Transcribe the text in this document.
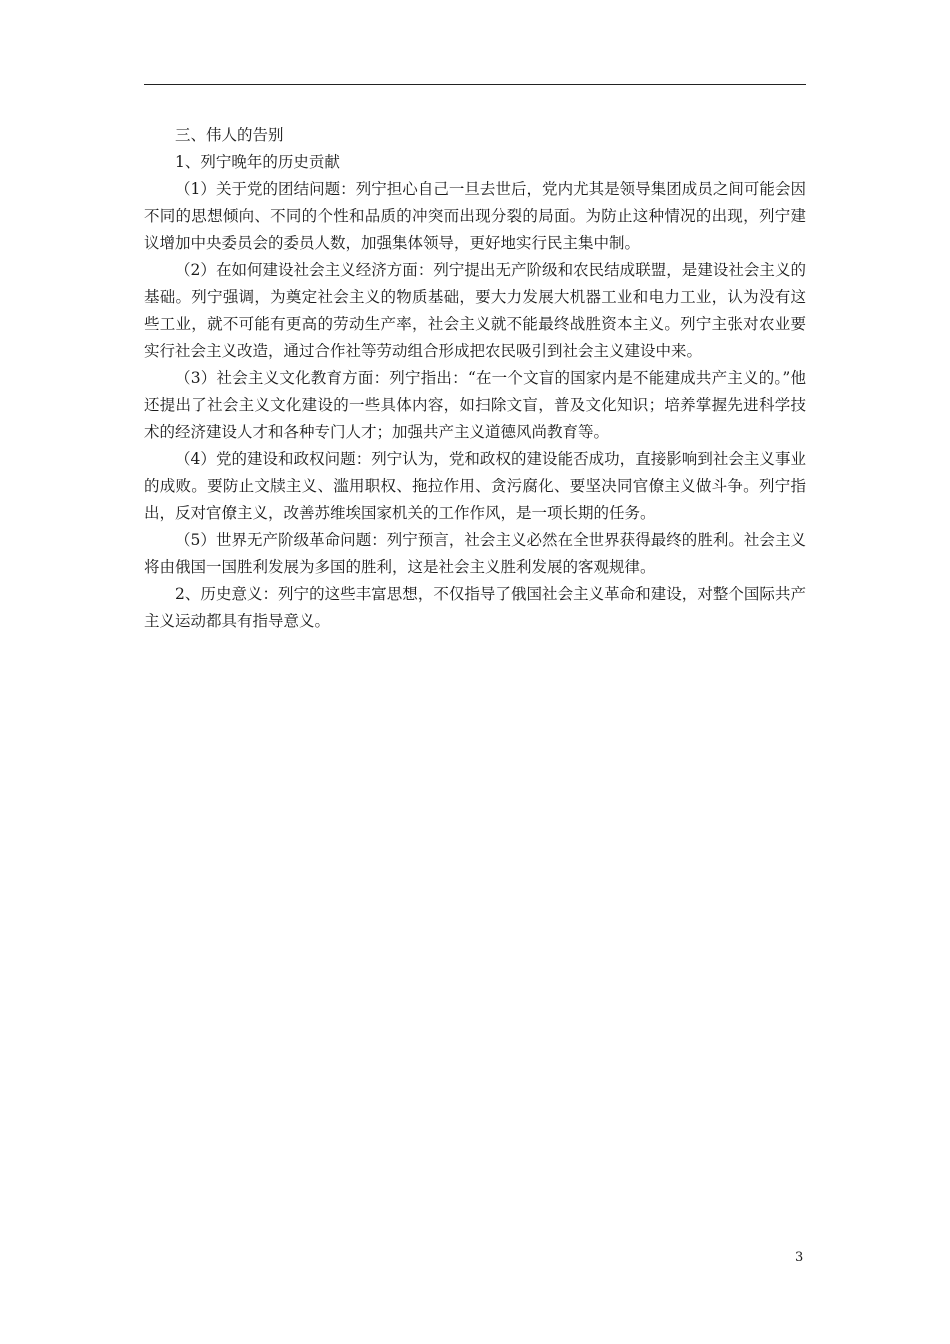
三、伟人的告别

1、列宁晚年的历史贡献

（1）关于党的团结问题：列宁担心自己一旦去世后，党内尤其是领导集团成员之间可能会因不同的思想倾向、不同的个性和品质的冲突而出现分裂的局面。为防止这种情况的出现，列宁建议增加中央委员会的委员人数，加强集体领导，更好地实行民主集中制。

（2）在如何建设社会主义经济方面：列宁提出无产阶级和农民结成联盟，是建设社会主义的基础。列宁强调，为奠定社会主义的物质基础，要大力发展大机器工业和电力工业，认为没有这些工业，就不可能有更高的劳动生产率，社会主义就不能最终战胜资本主义。列宁主张对农业要实行社会主义改造，通过合作社等劳动组合形成把农民吸引到社会主义建设中来。

（3）社会主义文化教育方面：列宁指出：“在一个文盲的国家内是不能建成共产主义的。”他还提出了社会主义文化建设的一些具体内容，如扫除文盲，普及文化知识；培养掌握先进科学技术的经济建设人才和各种专门人才；加强共产主义道德风尚教育等。

（4）党的建设和政权问题：列宁认为，党和政权的建设能否成功，直接影响到社会主义事业的成败。要防止文牍主义、滥用职权、拖拉作用、贪污腐化、要坚决同官僚主义做斗争。列宁指出，反对官僚主义，改善苏维埃国家机关的工作作风，是一项长期的任务。

（5）世界无产阶级革命问题：列宁预言，社会主义必然在全世界获得最终的胜利。社会主义将由俄国一国胜利发展为多国的胜利，这是社会主义胜利发展的客观规律。

2、历史意义：列宁的这些丰富思想，不仅指导了俄国社会主义革命和建设，对整个国际共产主义运动都具有指导意义。

3
